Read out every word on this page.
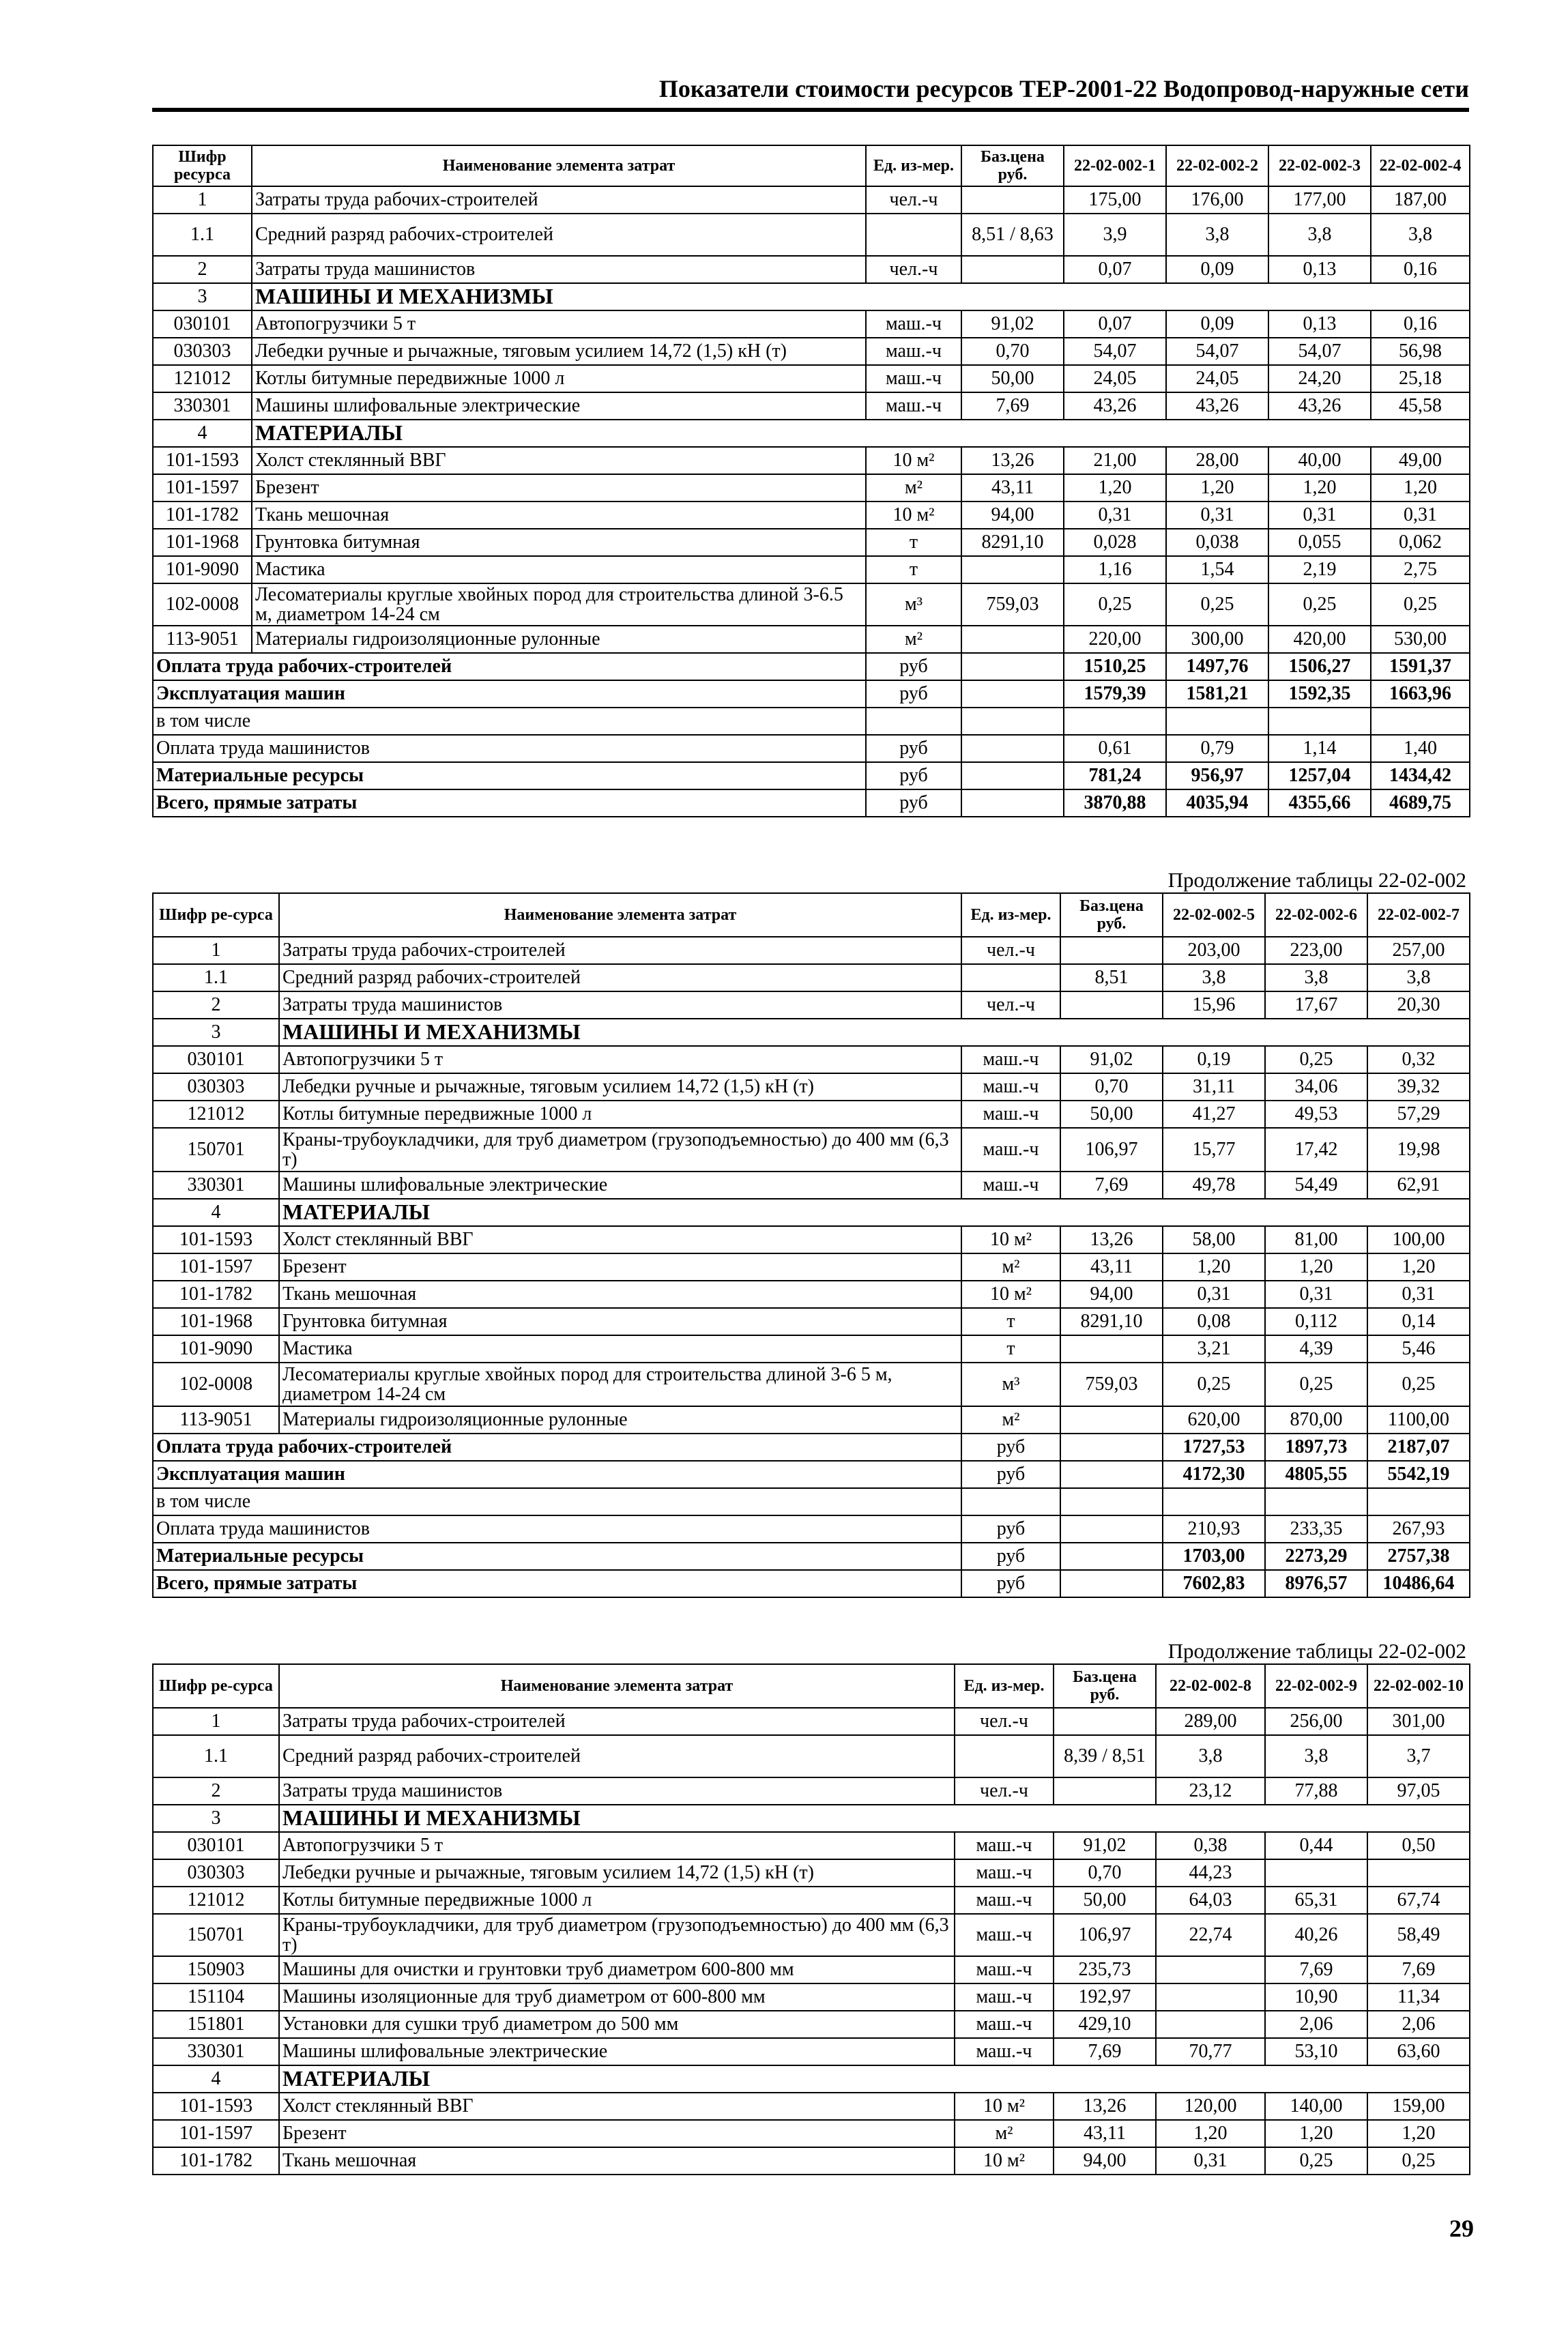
Показатели стоимости ресурсов ТЕР-2001-22 Водопровод-наружные сети
Шифр ресурса	Наименование элемента затрат	Ед. из-мер.	Баз.цена руб.	22-02-002-1	22-02-002-2	22-02-002-3	22-02-002-4
1	Затраты труда рабочих-строителей	чел.-ч		175,00	176,00	177,00	187,00
1.1	Средний разряд рабочих-строителей		8,51 / 8,63	3,9	3,8	3,8	3,8
2	Затраты труда машинистов	чел.-ч		0,07	0,09	0,13	0,16
3	МАШИНЫ И МЕХАНИЗМЫ						
030101	Автопогрузчики 5 т	маш.-ч	91,02	0,07	0,09	0,13	0,16
030303	Лебедки ручные и рычажные, тяговым усилием 14,72 (1,5) кН (т)	маш.-ч	0,70	54,07	54,07	54,07	56,98
121012	Котлы битумные передвижные 1000 л	маш.-ч	50,00	24,05	24,05	24,20	25,18
330301	Машины шлифовальные электрические	маш.-ч	7,69	43,26	43,26	43,26	45,58
4	МАТЕРИАЛЫ						
101-1593	Холст стеклянный ВВГ	10 м²	13,26	21,00	28,00	40,00	49,00
101-1597	Брезент	м²	43,11	1,20	1,20	1,20	1,20
101-1782	Ткань мешочная	10 м²	94,00	0,31	0,31	0,31	0,31
101-1968	Грунтовка битумная	т	8291,10	0,028	0,038	0,055	0,062
101-9090	Мастика	т		1,16	1,54	2,19	2,75
102-0008	Лесоматериалы круглые хвойных пород для строительства длиной 3-6.5 м, диаметром 14-24 см	м³	759,03	0,25	0,25	0,25	0,25
113-9051	Материалы гидроизоляционные рулонные	м²		220,00	300,00	420,00	530,00
Оплата труда рабочих-строителей		руб		1510,25	1497,76	1506,27	1591,37
Эксплуатация машин		руб		1579,39	1581,21	1592,35	1663,96
в том числе							
Оплата труда машинистов		руб		0,61	0,79	1,14	1,40
Материальные ресурсы		руб		781,24	956,97	1257,04	1434,42
Всего, прямые затраты		руб		3870,88	4035,94	4355,66	4689,75
Продолжение таблицы 22-02-002
Шифр ре-сурса	Наименование элемента затрат	Ед. из-мер.	Баз.цена руб.	22-02-002-5	22-02-002-6	22-02-002-7
1	Затраты труда рабочих-строителей	чел.-ч		203,00	223,00	257,00
1.1	Средний разряд рабочих-строителей		8,51	3,8	3,8	3,8
2	Затраты труда машинистов	чел.-ч		15,96	17,67	20,30
3	МАШИНЫ И МЕХАНИЗМЫ					
030101	Автопогрузчики 5 т	маш.-ч	91,02	0,19	0,25	0,32
030303	Лебедки ручные и рычажные, тяговым усилием 14,72 (1,5) кН (т)	маш.-ч	0,70	31,11	34,06	39,32
121012	Котлы битумные передвижные 1000 л	маш.-ч	50,00	41,27	49,53	57,29
150701	Краны-трубоукладчики, для труб диаметром (грузоподъемностью) до 400 мм (6,3 т)	маш.-ч	106,97	15,77	17,42	19,98
330301	Машины шлифовальные электрические	маш.-ч	7,69	49,78	54,49	62,91
4	МАТЕРИАЛЫ					
101-1593	Холст стеклянный ВВГ	10 м²	13,26	58,00	81,00	100,00
101-1597	Брезент	м²	43,11	1,20	1,20	1,20
101-1782	Ткань мешочная	10 м²	94,00	0,31	0,31	0,31
101-1968	Грунтовка битумная	т	8291,10	0,08	0,112	0,14
101-9090	Мастика	т		3,21	4,39	5,46
102-0008	Лесоматериалы круглые хвойных пород для строительства длиной 3-6 5 м, диаметром 14-24 см	м³	759,03	0,25	0,25	0,25
113-9051	Материалы гидроизоляционные рулонные	м²		620,00	870,00	1100,00
Оплата труда рабочих-строителей		руб		1727,53	1897,73	2187,07
Эксплуатация машин		руб		4172,30	4805,55	5542,19
в том числе						
Оплата труда машинистов		руб		210,93	233,35	267,93
Материальные ресурсы		руб		1703,00	2273,29	2757,38
Всего, прямые затраты		руб		7602,83	8976,57	10486,64
Продолжение таблицы 22-02-002
Шифр ре-сурса	Наименование элемента затрат	Ед. из-мер.	Баз.цена руб.	22-02-002-8	22-02-002-9	22-02-002-10
1	Затраты труда рабочих-строителей	чел.-ч		289,00	256,00	301,00
1.1	Средний разряд рабочих-строителей		8,39 / 8,51	3,8	3,8	3,7
2	Затраты труда машинистов	чел.-ч		23,12	77,88	97,05
3	МАШИНЫ И МЕХАНИЗМЫ					
030101	Автопогрузчики 5 т	маш.-ч	91,02	0,38	0,44	0,50
030303	Лебедки ручные и рычажные, тяговым усилием 14,72 (1,5) кН (т)	маш.-ч	0,70	44,23		
121012	Котлы битумные передвижные 1000 л	маш.-ч	50,00	64,03	65,31	67,74
150701	Краны-трубоукладчики, для труб диаметром (грузоподъемностью) до 400 мм (6,3 т)	маш.-ч	106,97	22,74	40,26	58,49
150903	Машины для очистки и грунтовки труб диаметром 600-800 мм	маш.-ч	235,73		7,69	7,69
151104	Машины изоляционные для труб диаметром от 600-800 мм	маш.-ч	192,97		10,90	11,34
151801	Установки для сушки труб диаметром до 500 мм	маш.-ч	429,10		2,06	2,06
330301	Машины шлифовальные электрические	маш.-ч	7,69	70,77	53,10	63,60
4	МАТЕРИАЛЫ					
101-1593	Холст стеклянный ВВГ	10 м²	13,26	120,00	140,00	159,00
101-1597	Брезент	м²	43,11	1,20	1,20	1,20
101-1782	Ткань мешочная	10 м²	94,00	0,31	0,25	0,25
29
